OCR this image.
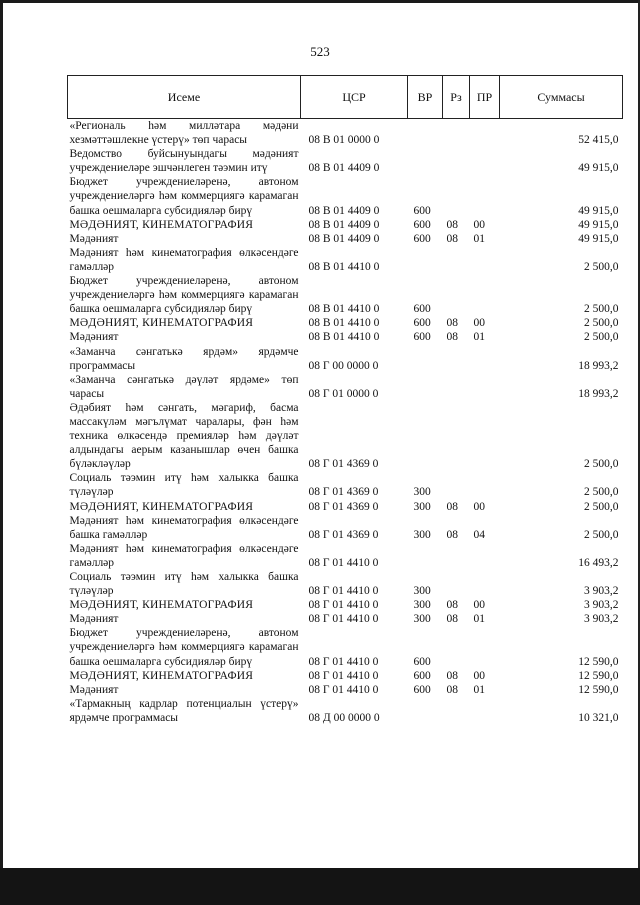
523
Исеме	ЦСР	ВР	Рз	ПР	Суммасы
«Региональ һәм милләтара мәдәни хезмәттәшлекне үстерү» төп чарасы	08 В 01 0000 0				52 415,0
Ведомство буйсынуындагы мәдәният учреждениеләре эшчәнлеген тәэмин итү	08 В 01 4409 0				49 915,0
Бюджет учреждениеләренә, автоном учреждениеләргә һәм коммерциягә карамаган башка оешмаларга субсидияләр бирү	08 В 01 4409 0	600			49 915,0
МӘДӘНИЯТ, КИНЕМАТОГРАФИЯ	08 В 01 4409 0	600	08	00	49 915,0
Мәдәният	08 В 01 4409 0	600	08	01	49 915,0
Мәдәният һәм кинематография өлкәсендәге гамәлләр	08 В 01 4410 0				2 500,0
Бюджет учреждениеләренә, автоном учреждениеләргә һәм коммерциягә карамаган башка оешмаларга субсидияләр бирү	08 В 01 4410 0	600			2 500,0
МӘДӘНИЯТ, КИНЕМАТОГРАФИЯ	08 В 01 4410 0	600	08	00	2 500,0
Мәдәният	08 В 01 4410 0	600	08	01	2 500,0
«Заманча сәнгатькә ярдәм» ярдәмче программасы	08 Г 00 0000 0				18 993,2
«Заманча сәнгатькә дәүләт ярдәме» төп чарасы	08 Г 01 0000 0				18 993,2
Әдәбият һәм сәнгать, мәгариф, басма массакүләм мәгълүмат чаралары, фән һәм техника өлкәсендә премияләр һәм дәүләт алдындагы аерым казанышлар өчен башка бүләкләүләр	08 Г 01 4369 0				2 500,0
Социаль тәэмин итү һәм халыкка башка түләүләр	08 Г 01 4369 0	300			2 500,0
МӘДӘНИЯТ, КИНЕМАТОГРАФИЯ	08 Г 01 4369 0	300	08	00	2 500,0
Мәдәният һәм кинематография өлкәсендәге башка гамәлләр	08 Г 01 4369 0	300	08	04	2 500,0
Мәдәният һәм кинематография өлкәсендәге гамәлләр	08 Г 01 4410 0				16 493,2
Социаль тәэмин итү һәм халыкка башка түләүләр	08 Г 01 4410 0	300			3 903,2
МӘДӘНИЯТ, КИНЕМАТОГРАФИЯ	08 Г 01 4410 0	300	08	00	3 903,2
Мәдәният	08 Г 01 4410 0	300	08	01	3 903,2
Бюджет учреждениеләренә, автоном учреждениеләргә һәм коммерциягә карамаган башка оешмаларга субсидияләр бирү	08 Г 01 4410 0	600			12 590,0
МӘДӘНИЯТ, КИНЕМАТОГРАФИЯ	08 Г 01 4410 0	600	08	00	12 590,0
Мәдәният	08 Г 01 4410 0	600	08	01	12 590,0
«Тармакның кадрлар потенциалын үстерү» ярдәмче программасы	08 Д 00 0000 0				10 321,0
